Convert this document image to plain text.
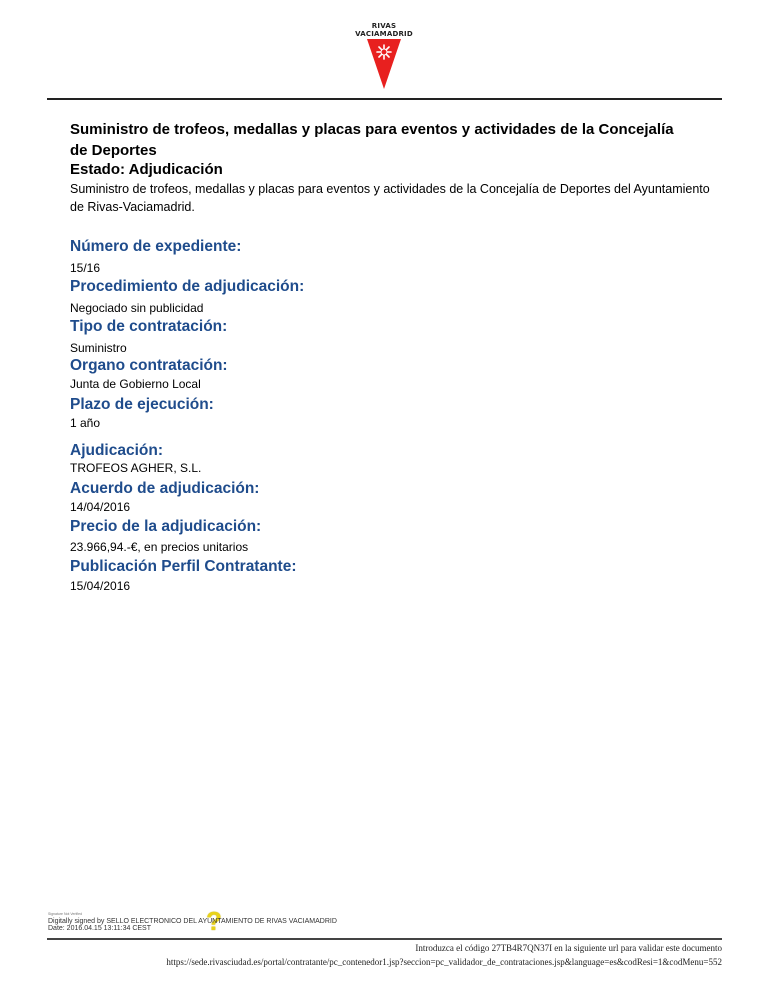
RIVAS
VACIAMADRID
Suministro de trofeos, medallas y placas para eventos y actividades de la Concejalía de Deportes
Estado: Adjudicación
Suministro de trofeos, medallas y placas para eventos y actividades de la Concejalía de Deportes del Ayuntamiento de Rivas-Vaciamadrid.
Número de expediente:
15/16
Procedimiento de adjudicación:
Negociado sin publicidad
Tipo de contratación:
Suministro
Organo contratación:
Junta de Gobierno Local
Plazo de ejecución:
1 año
Ajudicación:
TROFEOS AGHER, S.L.
Acuerdo de adjudicación:
14/04/2016
Precio de la adjudicación:
23.966,94.-€, en precios unitarios
Publicación Perfil Contratante:
15/04/2016
Signature Not Verified	?
Digitally signed by SELLO ELECTRONICO DEL AYUNTAMIENTO DE RIVAS VACIAMADRID
Date: 2016.04.15 13:11:34 CEST
Introduzca el código 27TB4R7QN37I en la siguiente url para validar este documento
https://sede.rivasciudad.es/portal/contratante/pc_contenedor1.jsp?seccion=pc_validador_de_contrataciones.jsp&language=es&codResi=1&codMenu=552
